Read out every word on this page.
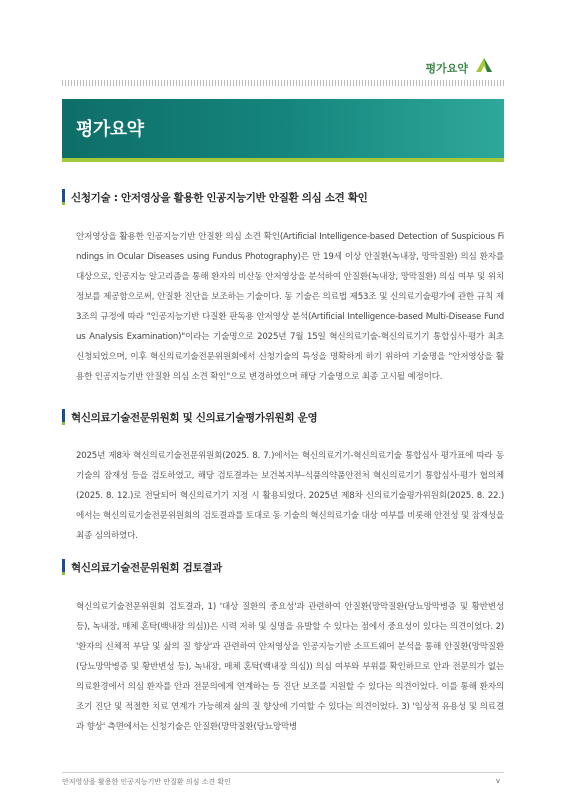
평가요약
평가요약
신청기술 : 안저영상을 활용한 인공지능기반 안질환 의심 소견 확인

안저영상을 활용한 인공지능기반 안질환 의심 소견 확인(Artificial Intelligence-based Detection of Suspicious Findings in Ocular Diseases using Fundus Photography)은 만 19세 이상 안질환(녹내장, 망막질환) 의심 환자를 대상으로, 인공지능 알고리즘을 통해 환자의 비산동 안저영상을 분석하여 안질환(녹내장, 망막질환) 의심 여부 및 위치 정보를 제공함으로써, 안질환 진단을 보조하는 기술이다. 동 기술은 의료법 제53조 및 신의료기술평가에 관한 규칙 제3조의 규정에 따라 "인공지능기반 다질환 판독용 안저영상 분석(Artificial Intelligence-based Multi-Disease Fundus Analysis Examination)"이라는 기술명으로 2025년 7월 15일 혁신의료기술-혁신의료기기 통합심사·평가 최초 신청되었으며, 이후 혁신의료기술전문위원회에서 신청기술의 특성을 명확하게 하기 위하여 기술명을 "안저영상을 활용한 인공지능기반 안질환 의심 소견 확인"으로 변경하였으며 해당 기술명으로 최종 고시될 예정이다.

혁신의료기술전문위원회 및 신의료기술평가위원회 운영

2025년 제8차 혁신의료기술전문위원회(2025. 8. 7.)에서는 혁신의료기기-혁신의료기술 통합심사 평가표에 따라 동 기술의 잠재성 등을 검토하였고, 해당 검토결과는 보건복지부-식품의약품안전처 혁신의료기기 통합심사·평가 협의체(2025. 8. 12.)로 전달되어 혁신의료기기 지정 시 활용되었다. 2025년 제8차 신의료기술평가위원회(2025. 8. 22.)에서는 혁신의료기술전문위원회의 검토결과를 토대로 동 기술의 혁신의료기술 대상 여부를 비롯해 안전성 및 잠재성을 최종 심의하였다.

혁신의료기술전문위원회 검토결과

혁신의료기술전문위원회 검토결과, 1) '대상 질환의 중요성'과 관련하여 안질환(망막질환(당뇨망막병증 및 황반변성 등), 녹내장, 매체 혼탁(백내장 의심))은 시력 저하 및 실명을 유발할 수 있다는 점에서 중요성이 있다는 의견이었다. 2) '환자의 신체적 부담 및 삶의 질 향상'과 관련하여 안저영상을 인공지능기반 소프트웨어 분석을 통해 안질환(망막질환(당뇨망막병증 및 황반변성 등), 녹내장, 매체 혼탁(백내장 의심)) 의심 여부와 부위를 확인하므로 안과 전문의가 없는 의료환경에서 의심 환자를 안과 전문의에게 연계하는 등 진단 보조를 지원할 수 있다는 의견이었다. 이를 통해 환자의 조기 진단 및 적절한 치료 연계가 가능해져 삶의 질 향상에 기여할 수 있다는 의견이었다. 3) '임상적 유용성 및 의료결과 향상' 측면에서는 신청기술은 안질환(망막질환(당뇨망막병

안저영상을 활용한 인공지능기반 안질환 의심 소견 확인	v
